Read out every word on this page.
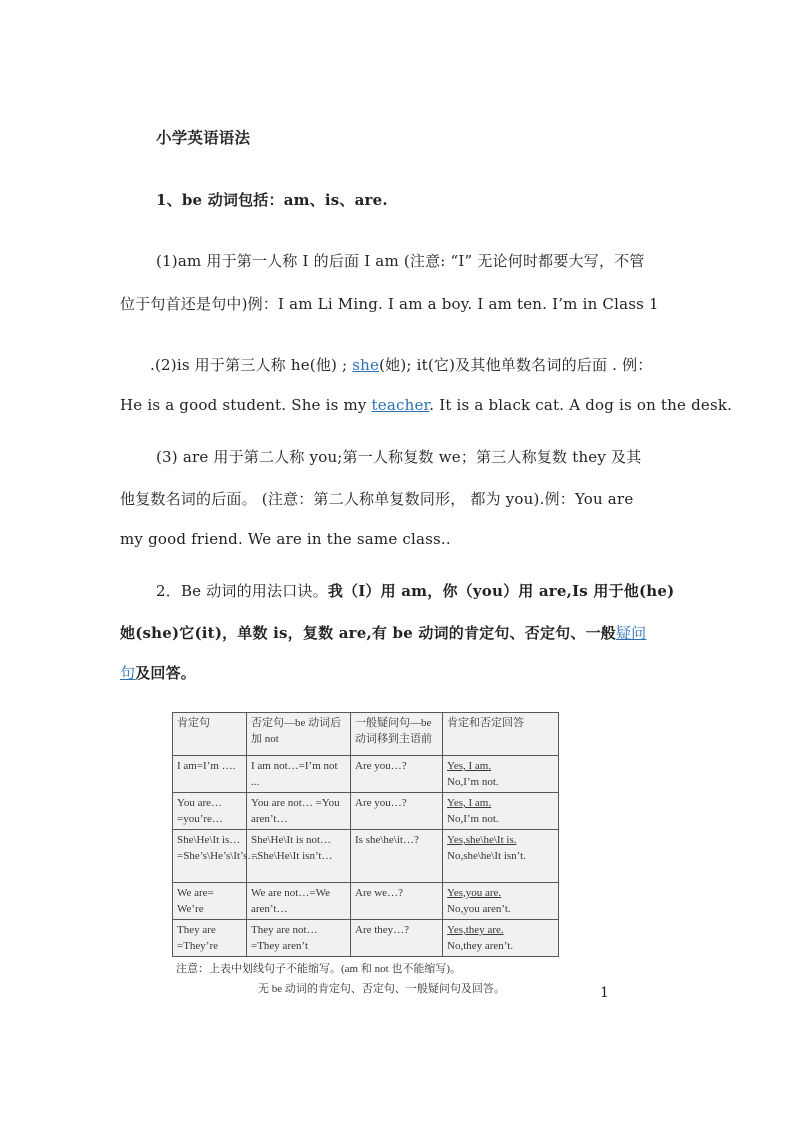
小学英语语法
1、be 动词包括：am、is、are.
(1)am 用于第一人称 I 的后面 I am (注意: “I” 无论何时都要大写，不管
位于句首还是句中)例：I am Li Ming. I am a boy. I am ten. I’m in Class 1
.(2)is 用于第三人称 he(他) ; she(她); it(它)及其他单数名词的后面 . 例：
He is a good student. She is my teacher. It is a black cat. A dog is on the desk.
(3) are 用于第二人称 you;第一人称复数 we；第三人称复数 they 及其
他复数名词的后面。 (注意：第二人称单复数同形， 都为 you).例：You are
my good friend. We are in the same class..
2．Be 动词的用法口诀。我（I）用 am，你（you）用 are,Is 用于他(he)
她(she)它(it)，单数 is，复数 are,有 be 动词的肯定句、否定句、一般疑问
句及回答。
肯定句	否定句—be 动词后加 not	一般疑问句—be动词移到主语前	肯定和否定回答
I am=I’m ….	I am not…=I’m not ...	Are you…?	Yes, I am.
No,I’m not.

You are…=you’re…	You are not… =You aren’t…	Are you…?	Yes, I am.
No,I’m not.

She\He\It is…=She’s\He’s\It’s…	She\He\It is not…=She\He\It isn’t…	Is she\he\it…?	Yes,she\he\It is.
No,she\he\It isn’t.

We are= We’re	We are not…=We aren’t…	Are we…?	Yes,you are.
No,you aren’t.

They are =They’re	They are not…=They aren’t	Are they…?	Yes,they are.
No,they aren’t.
注意：上表中划线句子不能缩写。(am 和 not 也不能缩写)。
无 be 动词的肯定句、否定句、一般疑问句及回答。	1
